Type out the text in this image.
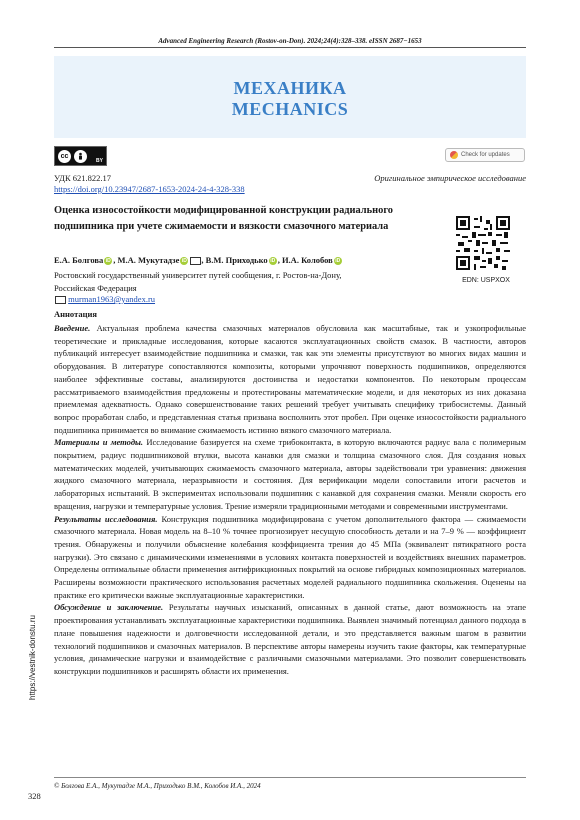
Advanced Engineering Research (Rostov-on-Don). 2024;24(4):328–338. eISSN 2687−1653
МЕХАНИКА
MECHANICS
cc
BY
Check for updates
УДК 621.822.17
https://doi.org/10.23947/2687-1653-2024-24-4-328-338
Оригинальное эмпирическое исследование
Оценка износостойкости модифицированной конструкции радиального подшипника при учете сжимаемости и вязкости смазочного материала
Е.А. Болгова iD , М.А. Мукутадзе iD , В.М. Приходько iD , И.А. Колобов iD
Ростовский государственный университет путей сообщения, г. Ростов-на-Дону, Российская Федерация
murman1963@yandex.ru
EDN: USPXOX
Аннотация

Введение. Актуальная проблема качества смазочных материалов обусловила как масштабные, так и узкопрофильные теоретические и прикладные исследования, которые касаются эксплуатационных свойств смазок. В частности, авторов публикаций интересует взаимодействие подшипника и смазки, так как эти элементы присутствуют во многих видах машин и оборудования. В литературе сопоставляются композиты, которыми упрочняют поверхность подшипников, определяются наиболее эффективные составы, анализируются достоинства и недостатки компонентов. По некоторым процессам рассматриваемого взаимодействия предложены и протестированы математические модели, и для некоторых из них доказана приемлемая адекватность. Однако совершенствование таких решений требует учитывать специфику трибосистемы. Данный вопрос проработан слабо, и представленная статья призвана восполнить этот пробел. При оценке износостойкости радиального подшипника принимается во внимание сжимаемость истинно вязкого смазочного материала.

Материалы и методы. Исследование базируется на схеме трибоконтакта, в которую включаются радиус вала с полимерным покрытием, радиус подшипниковой втулки, высота канавки для смазки и толщина смазочного слоя. Для создания новых математических моделей, учитывающих сжимаемость смазочного материала, авторы задействовали три уравнения: движения жидкого смазочного материала, неразрывности и состояния. Для верификации модели сопоставили итоги расчетов и лабораторных испытаний. В экспериментах использовали подшипник с канавкой для сохранения смазки. Меняли скорость его вращения, нагрузки и температурные условия. Трение измеряли традиционными методами и современными инструментами.

Результаты исследования. Конструкция подшипника модифицирована с учетом дополнительного фактора — сжимаемости смазочного материала. Новая модель на 8–10 % точнее прогнозирует несущую способность детали и на 7–9 % — коэффициент трения. Обнаружены и получили объяснение колебания коэффициента трения до 45 МПа (эквивалент пятикратного роста нагрузки). Это связано с динамическими изменениями в условиях контакта поверхностей и воздействиях внешних параметров. Определены оптимальные области применения антифрикционных покрытий на основе гибридных композиционных материалов. Расширены возможности практического использования расчетных моделей радиального подшипника скольжения. Оценены на практике его критически важные эксплуатационные характеристики.

Обсуждение и заключение. Результаты научных изысканий, описанных в данной статье, дают возможность на этапе проектирования устанавливать эксплуатационные характеристики подшипника. Выявлен значимый потенциал данного подхода в плане повышения надежности и долговечности исследованной детали, и это представляется важным шагом в развитии технологий подшипников и смазочных материалов. В перспективе авторы намерены изучить такие факторы, как температурные условия, динамические нагрузки и взаимодействие с различными смазочными материалами. Это позволит совершенствовать конструкции подшипников и расширять области их применения.

https://vestnik-donstu.ru
© Болгова Е.А., Мукутадзе М.А., Приходько В.М., Колобов И.А., 2024
328
